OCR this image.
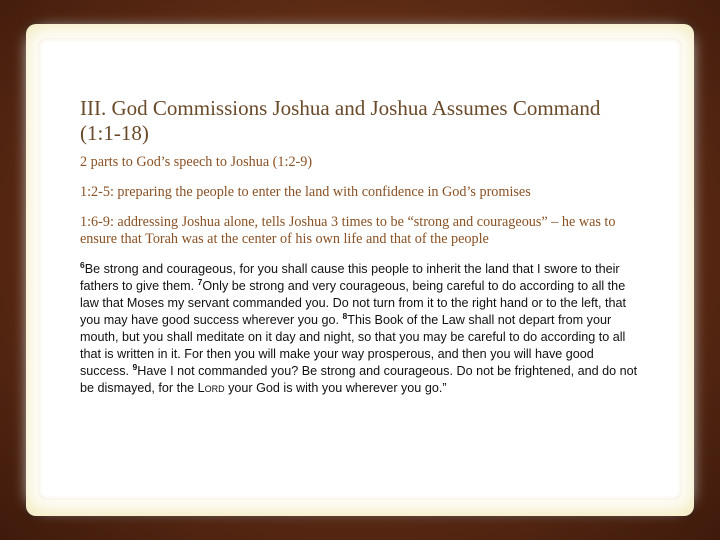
III. God Commissions Joshua and Joshua Assumes Command (1:1-18)

2 parts to God’s speech to Joshua (1:2-9)

1:2-5: preparing the people to enter the land with confidence in God’s promises

1:6-9: addressing Joshua alone, tells Joshua 3 times to be “strong and courageous” – he was to ensure that Torah was at the center of his own life and that of the people

$^6$Be strong and courageous, for you shall cause this people to inherit the land that I swore to their fathers to give them. $^7$Only be strong and very courageous, being careful to do according to all the law that Moses my servant commanded you. Do not turn from it to the right hand or to the left, that you may have good success wherever you go. $^8$This Book of the Law shall not depart from your mouth, but you shall meditate on it day and night, so that you may be careful to do according to all that is written in it. For then you will make your way prosperous, and then you will have good success. $^9$Have I not commanded you? Be strong and courageous. Do not be frightened, and do not be dismayed, for the Lord your God is with you wherever you go.”
